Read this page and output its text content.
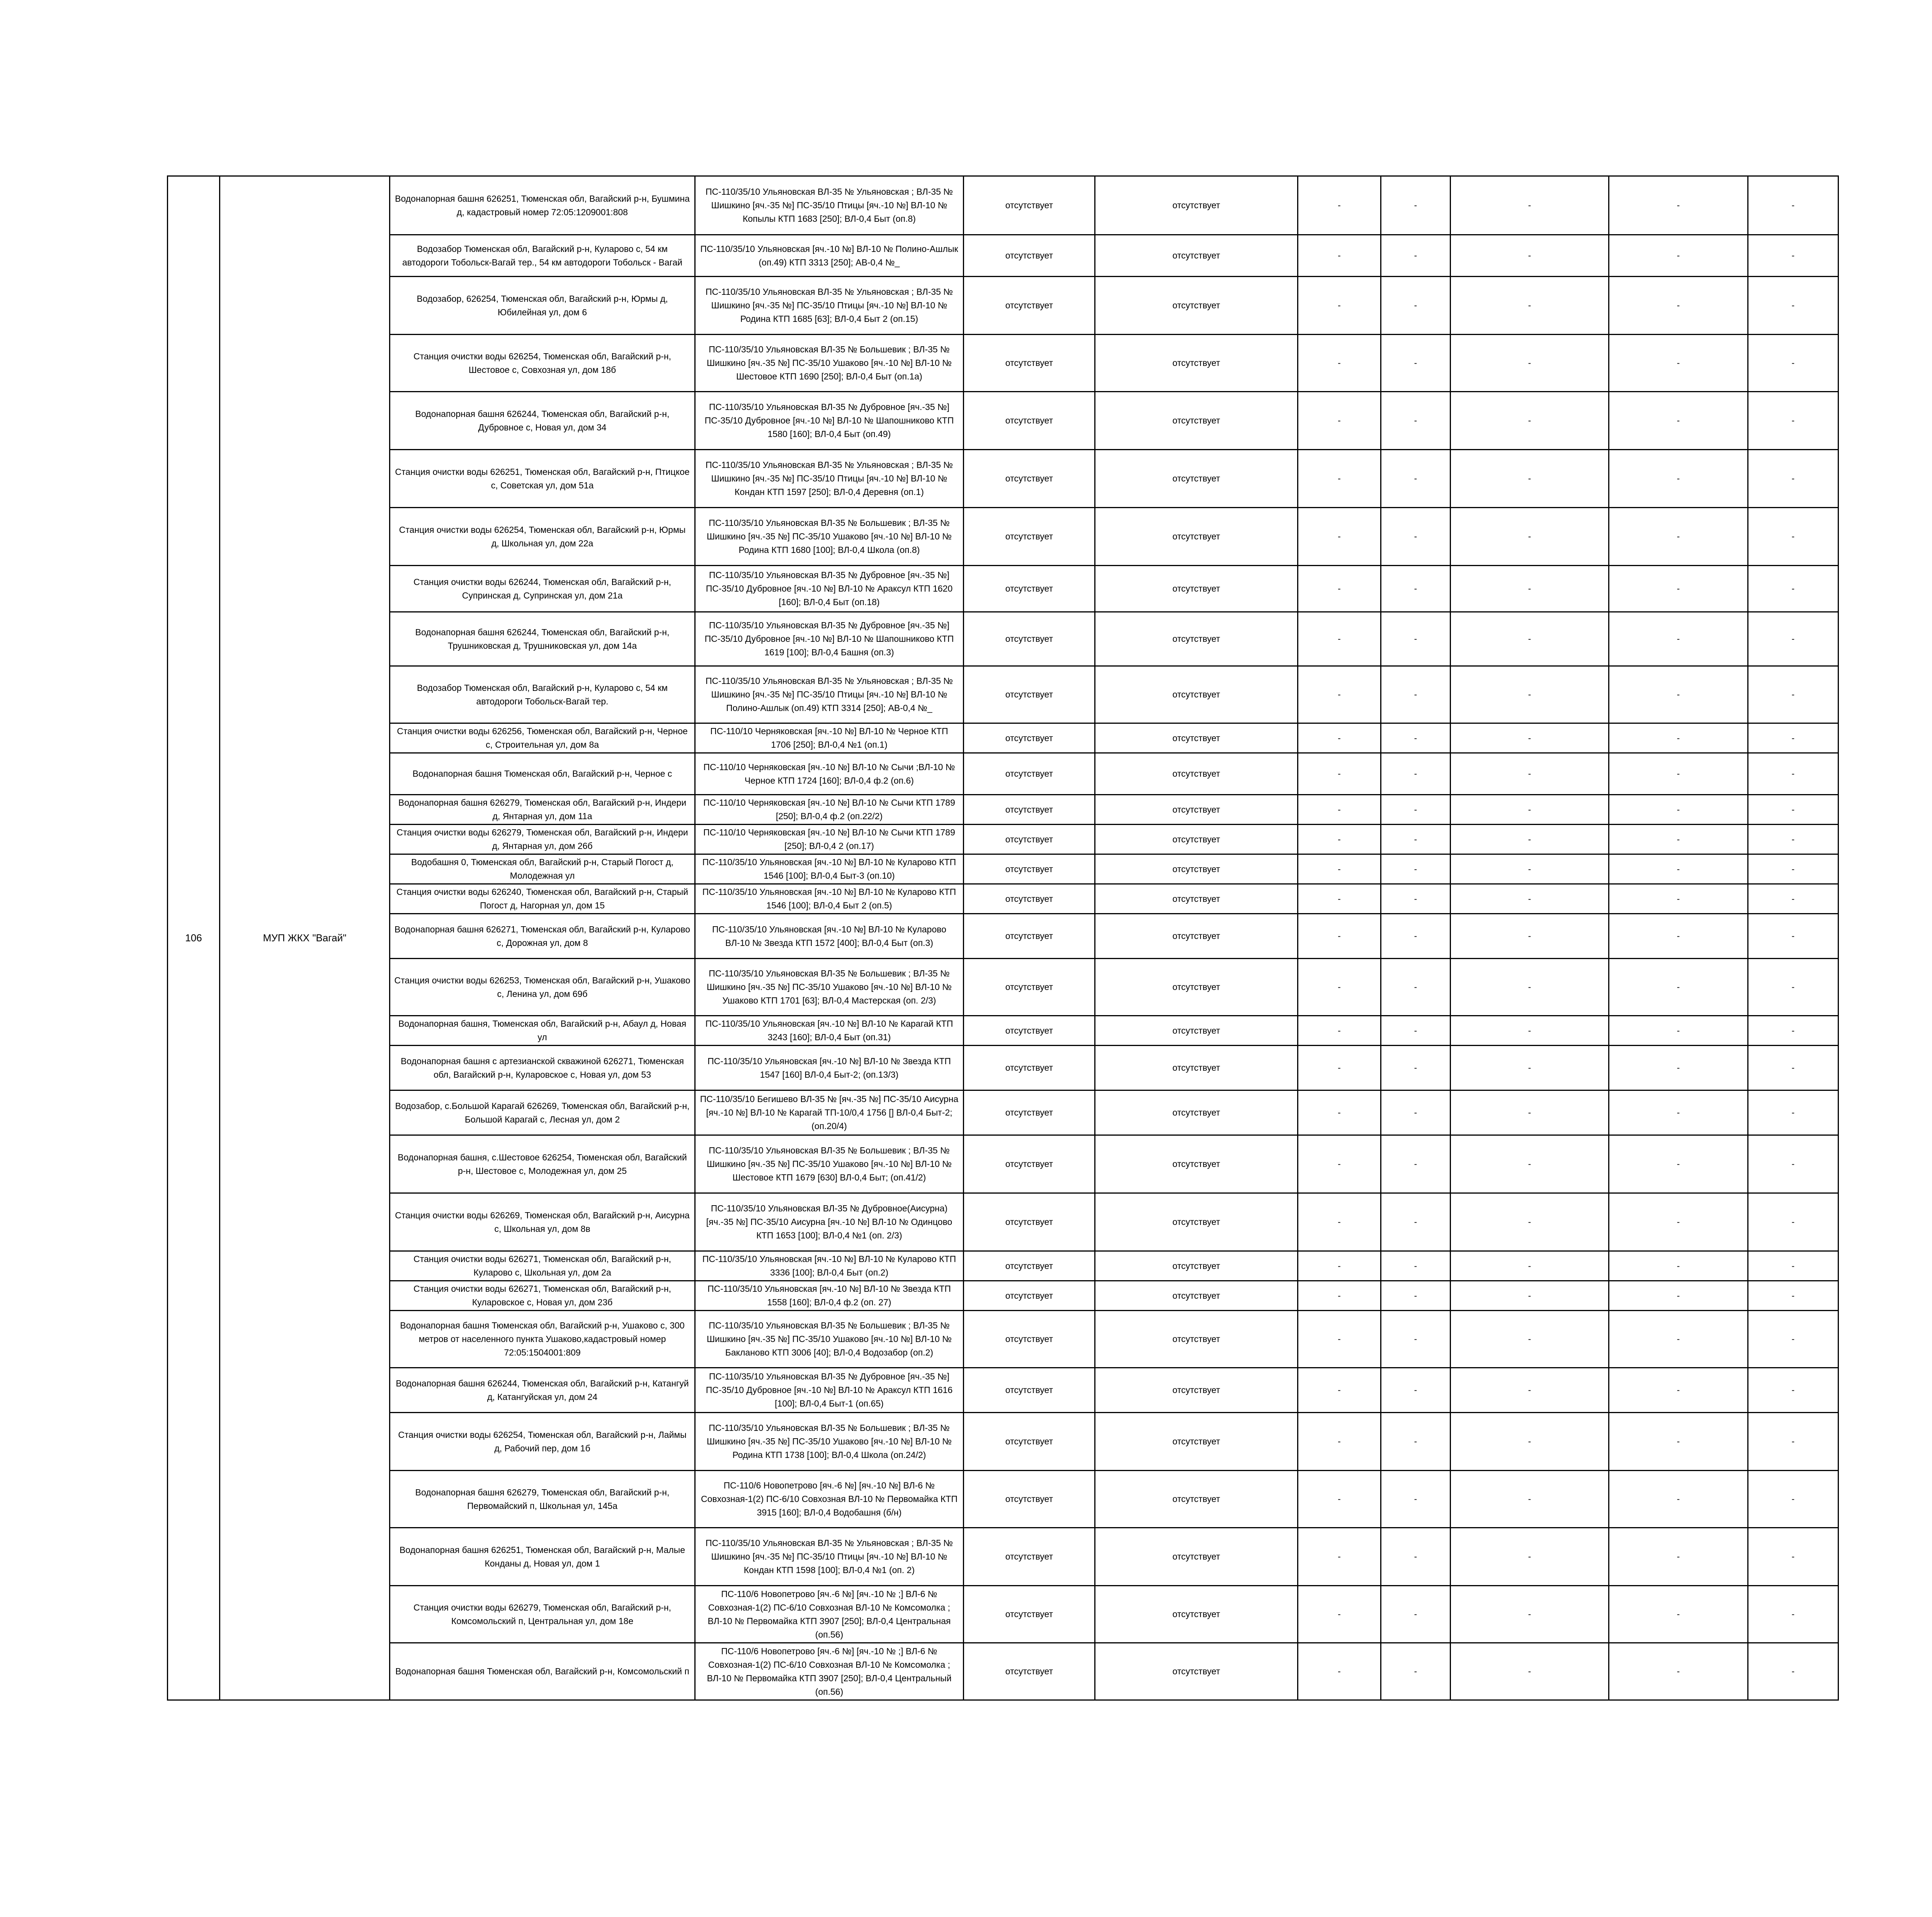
106	МУП ЖКХ "Вагай"	Водонапорная башня 626251, Тюменская обл, Вагайский р-н, Бушмина д, кадастровый номер 72:05:1209001:808	ПС-110/35/10 Ульяновская ВЛ-35 № Ульяновская ; ВЛ-35 № Шишкино [яч.-35 №] ПС-35/10 Птицы [яч.-10 №] ВЛ-10 № Копылы КТП 1683 [250]; ВЛ-0,4 Быт (оп.8)	отсутствует	отсутствует	-	-	-	-	-
		Водозабор Тюменская обл, Вагайский р-н, Куларово с, 54 км автодороги Тобольск-Вагай тер., 54 км автодороги Тобольск - Вагай	ПС-110/35/10 Ульяновская [яч.-10 №] ВЛ-10 № Полино-Ашлык (оп.49) КТП 3313 [250]; АВ-0,4 №_	отсутствует	отсутствует	-	-	-	-	-
		Водозабор, 626254, Тюменская обл, Вагайский р-н, Юрмы д, Юбилейная ул, дом 6	ПС-110/35/10 Ульяновская ВЛ-35 № Ульяновская ; ВЛ-35 № Шишкино [яч.-35 №] ПС-35/10 Птицы [яч.-10 №] ВЛ-10 № Родина КТП 1685 [63]; ВЛ-0,4 Быт 2 (оп.15)	отсутствует	отсутствует	-	-	-	-	-
		Станция очистки воды 626254, Тюменская обл, Вагайский р-н, Шестовое с, Совхозная ул, дом 18б	ПС-110/35/10 Ульяновская ВЛ-35 № Большевик ; ВЛ-35 № Шишкино [яч.-35 №] ПС-35/10 Ушаково [яч.-10 №] ВЛ-10 № Шестовое КТП 1690 [250]; ВЛ-0,4 Быт (оп.1а)	отсутствует	отсутствует	-	-	-	-	-
		Водонапорная башня 626244, Тюменская обл, Вагайский р-н, Дубровное с, Новая ул, дом 34	ПС-110/35/10 Ульяновская ВЛ-35 № Дубровное [яч.-35 №] ПС-35/10 Дубровное [яч.-10 №] ВЛ-10 № Шапошниково КТП 1580 [160]; ВЛ-0,4 Быт (оп.49)	отсутствует	отсутствует	-	-	-	-	-
		Станция очистки воды 626251, Тюменская обл, Вагайский р-н, Птицкое с, Советская ул, дом 51а	ПС-110/35/10 Ульяновская ВЛ-35 № Ульяновская ; ВЛ-35 № Шишкино [яч.-35 №] ПС-35/10 Птицы [яч.-10 №] ВЛ-10 № Кондан КТП 1597 [250]; ВЛ-0,4 Деревня (оп.1)	отсутствует	отсутствует	-	-	-	-	-
		Станция очистки воды 626254, Тюменская обл, Вагайский р-н, Юрмы д, Школьная ул, дом 22а	ПС-110/35/10 Ульяновская ВЛ-35 № Большевик ; ВЛ-35 № Шишкино [яч.-35 №] ПС-35/10 Ушаково [яч.-10 №] ВЛ-10 № Родина КТП 1680 [100]; ВЛ-0,4 Школа (оп.8)	отсутствует	отсутствует	-	-	-	-	-
		Станция очистки воды 626244, Тюменская обл, Вагайский р-н, Супринская д, Супринская ул, дом 21а	ПС-110/35/10 Ульяновская ВЛ-35 № Дубровное [яч.-35 №] ПС-35/10 Дубровное [яч.-10 №] ВЛ-10 № Араксул КТП 1620 [160]; ВЛ-0,4 Быт (оп.18)	отсутствует	отсутствует	-	-	-	-	-
		Водонапорная башня 626244, Тюменская обл, Вагайский р-н, Трушниковская д, Трушниковская ул, дом 14а	ПС-110/35/10 Ульяновская ВЛ-35 № Дубровное [яч.-35 №] ПС-35/10 Дубровное [яч.-10 №] ВЛ-10 № Шапошниково КТП 1619 [100]; ВЛ-0,4 Башня (оп.3)	отсутствует	отсутствует	-	-	-	-	-
		Водозабор Тюменская обл, Вагайский р-н, Куларово с, 54 км автодороги Тобольск-Вагай тер.	ПС-110/35/10 Ульяновская ВЛ-35 № Ульяновская ; ВЛ-35 № Шишкино [яч.-35 №] ПС-35/10 Птицы [яч.-10 №] ВЛ-10 № Полино-Ашлык (оп.49) КТП 3314 [250]; АВ-0,4 №_	отсутствует	отсутствует	-	-	-	-	-
		Станция очистки воды 626256, Тюменская обл, Вагайский р-н, Черное с, Строительная ул, дом 8а	ПС-110/10 Черняковская [яч.-10 №] ВЛ-10 № Черное КТП 1706 [250]; ВЛ-0,4 №1 (оп.1)	отсутствует	отсутствует	-	-	-	-	-
		Водонапорная башня Тюменская обл, Вагайский р-н, Черное с	ПС-110/10 Черняковская [яч.-10 №] ВЛ-10 № Сычи ;ВЛ-10 № Черное КТП 1724 [160]; ВЛ-0,4 ф.2 (оп.6)	отсутствует	отсутствует	-	-	-	-	-
		Водонапорная башня 626279, Тюменская обл, Вагайский р-н, Индери д, Янтарная ул, дом 11а	ПС-110/10 Черняковская [яч.-10 №] ВЛ-10 № Сычи КТП 1789 [250]; ВЛ-0,4 ф.2 (оп.22/2)	отсутствует	отсутствует	-	-	-	-	-
		Станция очистки воды 626279, Тюменская обл, Вагайский р-н, Индери д, Янтарная ул, дом 26б	ПС-110/10 Черняковская [яч.-10 №] ВЛ-10 № Сычи КТП 1789 [250]; ВЛ-0,4 2 (оп.17)	отсутствует	отсутствует	-	-	-	-	-
		Водобашня 0, Тюменская обл, Вагайский р-н, Старый Погост д, Молодежная ул	ПС-110/35/10 Ульяновская [яч.-10 №] ВЛ-10 № Куларово КТП 1546 [100]; ВЛ-0,4 Быт-3 (оп.10)	отсутствует	отсутствует	-	-	-	-	-
		Станция очистки воды 626240, Тюменская обл, Вагайский р-н, Старый Погост д, Нагорная ул, дом 15	ПС-110/35/10 Ульяновская [яч.-10 №] ВЛ-10 № Куларово КТП 1546 [100]; ВЛ-0,4 Быт 2 (оп.5)	отсутствует	отсутствует	-	-	-	-	-
		Водонапорная башня 626271, Тюменская обл, Вагайский р-н, Куларово с, Дорожная ул, дом 8	ПС-110/35/10 Ульяновская [яч.-10 №] ВЛ-10 № Куларово ВЛ-10 № Звезда КТП 1572 [400]; ВЛ-0,4 Быт (оп.3)	отсутствует	отсутствует	-	-	-	-	-
		Станция очистки воды 626253, Тюменская обл, Вагайский р-н, Ушаково с, Ленина ул, дом 69б	ПС-110/35/10 Ульяновская ВЛ-35 № Большевик ; ВЛ-35 № Шишкино [яч.-35 №] ПС-35/10 Ушаково [яч.-10 №] ВЛ-10 № Ушаково КТП 1701 [63]; ВЛ-0,4 Мастерская (оп. 2/3)	отсутствует	отсутствует	-	-	-	-	-
		Водонапорная башня, Тюменская обл, Вагайский р-н, Абаул д, Новая ул	ПС-110/35/10 Ульяновская [яч.-10 №] ВЛ-10 № Карагай КТП 3243 [160]; ВЛ-0,4 Быт (оп.31)	отсутствует	отсутствует	-	-	-	-	-
		Водонапорная башня с артезианской скважиной 626271, Тюменская обл, Вагайский р-н, Куларовское с, Новая ул, дом 53	ПС-110/35/10 Ульяновская [яч.-10 №] ВЛ-10 № Звезда КТП 1547 [160] ВЛ-0,4 Быт-2; (оп.13/3)	отсутствует	отсутствует	-	-	-	-	-
		Водозабор, с.Большой Карагай 626269, Тюменская обл, Вагайский р-н, Большой Карагай с, Лесная ул, дом 2	ПС-110/35/10 Бегишево ВЛ-35 № [яч.-35 №] ПС-35/10 Аисурна [яч.-10 №] ВЛ-10 № Карагай ТП-10/0,4 1756 [] ВЛ-0,4 Быт-2; (оп.20/4)	отсутствует	отсутствует	-	-	-	-	-
		Водонапорная башня, с.Шестовое 626254, Тюменская обл, Вагайский р-н, Шестовое с, Молодежная ул, дом 25	ПС-110/35/10 Ульяновская ВЛ-35 № Большевик ; ВЛ-35 № Шишкино [яч.-35 №] ПС-35/10 Ушаково [яч.-10 №] ВЛ-10 № Шестовое КТП 1679 [630] ВЛ-0,4 Быт; (оп.41/2)	отсутствует	отсутствует	-	-	-	-	-
		Станция очистки воды 626269, Тюменская обл, Вагайский р-н, Аисурна с, Школьная ул, дом 8в	ПС-110/35/10 Ульяновская ВЛ-35 № Дубровное(Аисурна) [яч.-35 №] ПС-35/10 Аисурна [яч.-10 №] ВЛ-10 № Одинцово КТП 1653 [100]; ВЛ-0,4 №1 (оп. 2/3)	отсутствует	отсутствует	-	-	-	-	-
		Станция очистки воды 626271, Тюменская обл, Вагайский р-н, Куларово с, Школьная ул, дом 2а	ПС-110/35/10 Ульяновская [яч.-10 №] ВЛ-10 № Куларово КТП 3336 [100]; ВЛ-0,4 Быт (оп.2)	отсутствует	отсутствует	-	-	-	-	-
		Станция очистки воды 626271, Тюменская обл, Вагайский р-н, Куларовское с, Новая ул, дом 23б	ПС-110/35/10 Ульяновская [яч.-10 №] ВЛ-10 № Звезда КТП 1558 [160]; ВЛ-0,4 ф.2 (оп. 27)	отсутствует	отсутствует	-	-	-	-	-
		Водонапорная башня Тюменская обл, Вагайский р-н, Ушаково с, 300 метров от населенного пункта Ушаково,кадастровый номер 72:05:1504001:809	ПС-110/35/10 Ульяновская ВЛ-35 № Большевик ; ВЛ-35 № Шишкино [яч.-35 №] ПС-35/10 Ушаково [яч.-10 №] ВЛ-10 № Бакланово КТП 3006 [40]; ВЛ-0,4 Водозабор (оп.2)	отсутствует	отсутствует	-	-	-	-	-
		Водонапорная башня 626244, Тюменская обл, Вагайский р-н, Катангуй д, Катангуйская ул, дом 24	ПС-110/35/10 Ульяновская ВЛ-35 № Дубровное [яч.-35 №] ПС-35/10 Дубровное [яч.-10 №] ВЛ-10 № Араксул КТП 1616 [100]; ВЛ-0,4 Быт-1 (оп.65)	отсутствует	отсутствует	-	-	-	-	-
		Станция очистки воды 626254, Тюменская обл, Вагайский р-н, Лаймы д, Рабочий пер, дом 1б	ПС-110/35/10 Ульяновская ВЛ-35 № Большевик ; ВЛ-35 № Шишкино [яч.-35 №] ПС-35/10 Ушаково [яч.-10 №] ВЛ-10 № Родина КТП 1738 [100]; ВЛ-0,4 Школа (оп.24/2)	отсутствует	отсутствует	-	-	-	-	-
		Водонапорная башня 626279, Тюменская обл, Вагайский р-н, Первомайский п, Школьная ул, 145а	ПС-110/6 Новопетрово [яч.-6 №] [яч.-10 №] ВЛ-6 № Совхозная-1(2) ПС-6/10 Совхозная ВЛ-10 № Первомайка КТП 3915 [160]; ВЛ-0,4 Водобашня (б/н)	отсутствует	отсутствует	-	-	-	-	-
		Водонапорная башня 626251, Тюменская обл, Вагайский р-н, Малые Конданы д, Новая ул, дом 1	ПС-110/35/10 Ульяновская ВЛ-35 № Ульяновская ; ВЛ-35 № Шишкино [яч.-35 №] ПС-35/10 Птицы [яч.-10 №] ВЛ-10 № Кондан КТП 1598 [100]; ВЛ-0,4 №1 (оп. 2)	отсутствует	отсутствует	-	-	-	-	-
		Станция очистки воды 626279, Тюменская обл, Вагайский р-н, Комсомольский п, Центральная ул, дом 18е	ПС-110/6 Новопетрово [яч.-6 №] [яч.-10 № ;] ВЛ-6 № Совхозная-1(2) ПС-6/10 Совхозная ВЛ-10 № Комсомолка ; ВЛ-10 № Первомайка КТП 3907 [250]; ВЛ-0,4 Центральная (оп.56)	отсутствует	отсутствует	-	-	-	-	-
		Водонапорная башня Тюменская обл, Вагайский р-н, Комсомольский п	ПС-110/6 Новопетрово [яч.-6 №] [яч.-10 № ;] ВЛ-6 № Совхозная-1(2) ПС-6/10 Совхозная ВЛ-10 № Комсомолка ; ВЛ-10 № Первомайка КТП 3907 [250]; ВЛ-0,4 Центральный (оп.56)	отсутствует	отсутствует	-	-	-	-	-
